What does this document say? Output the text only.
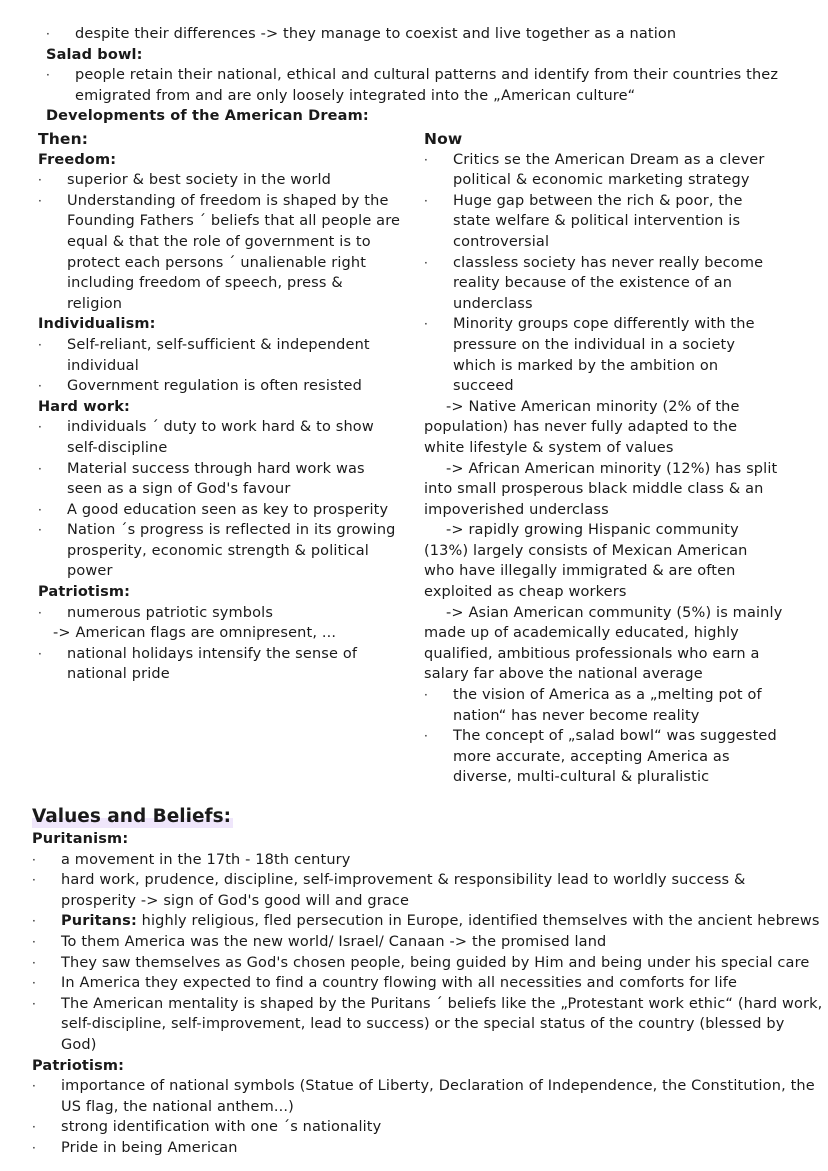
· despite their differences -> they manage to coexist and live together as a nation
Salad bowl:
· people retain their national, ethical and cultural patterns and identify from their countries thez
emigrated from and are only loosely integrated into the „American culture“
Developments of the American Dream:
Then:
Freedom:
· superior & best society in the world
· Understanding of freedom is shaped by the
Founding Fathers ´ beliefs that all people are
equal & that the role of government is to
protect each persons ´ unalienable right
including freedom of speech, press &
religion
Individualism:
· Self-reliant, self-sufficient & independent
individual
· Government regulation is often resisted
Hard work:
· individuals ´ duty to work hard & to show
self-discipline
· Material success through hard work was
seen as a sign of God's favour
· A good education seen as key to prosperity
· Nation ´s progress is reflected in its growing
prosperity, economic strength & political
power
Patriotism:
· numerous patriotic symbols
-> American flags are omnipresent, ...
· national holidays intensify the sense of
national pride
Now
· Critics se the American Dream as a clever
political & economic marketing strategy
· Huge gap between the rich & poor, the
state welfare & political intervention is
controversial
· classless society has never really become
reality because of the existence of an
underclass
· Minority groups cope differently with the
pressure on the individual in a society
which is marked by the ambition on
succeed
-> Native American minority (2% of the
population) has never fully adapted to the
white lifestyle & system of values
-> African American minority (12%) has split
into small prosperous black middle class & an
impoverished underclass
-> rapidly growing Hispanic community
(13%) largely consists of Mexican American
who have illegally immigrated & are often
exploited as cheap workers
-> Asian American community (5%) is mainly
made up of academically educated, highly
qualified, ambitious professionals who earn a
salary far above the national average
· the vision of America as a „melting pot of
nation“ has never become reality
· The concept of „salad bowl“ was suggested
more accurate, accepting America as
diverse, multi-cultural & pluralistic
Values and Beliefs:
Puritanism:
· a movement in the 17th - 18th century
· hard work, prudence, discipline, self-improvement & responsibility lead to worldly success &
prosperity -> sign of God's good will and grace
· Puritans: highly religious, fled persecution in Europe, identified themselves with the ancient hebrews
· To them America was the new world/ Israel/ Canaan -> the promised land
· They saw themselves as God's chosen people, being guided by Him and being under his special care
· In America they expected to find a country flowing with all necessities and comforts for life
· The American mentality is shaped by the Puritans ´ beliefs like the „Protestant work ethic“ (hard work,
self-discipline, self-improvement, lead to success) or the special status of the country (blessed by
God)
Patriotism:
· importance of national symbols (Statue of Liberty, Declaration of Independence, the Constitution, the
US flag, the national anthem...)
· strong identification with one ´s nationality
· Pride in being American
